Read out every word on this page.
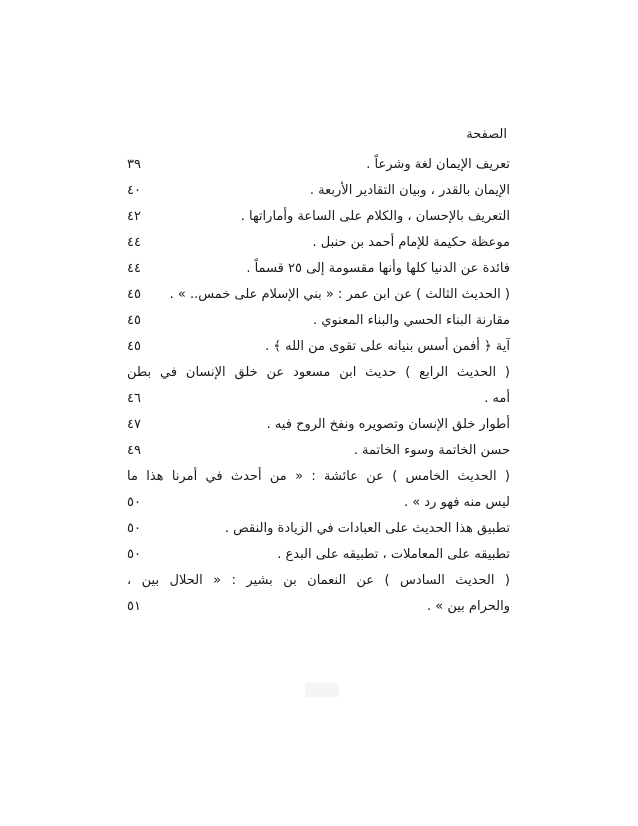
الصفحة
تعريف الإيمان لغة وشرعاً .
٣٩
الإيمان بالقدر ، وبيان التقادير الأربعة .
٤٠
التعريف بالإحسان ، والكلام على الساعة وأماراتها .
٤٢
موعظة حكيمة للإمام أحمد بن حنبل .
٤٤
فائدة عن الدنيا كلها وأنها مقسومة إلى ٢٥ قسماً .
٤٤
( الحديث الثالث ) عن ابن عمر : « بني الإسلام على خمس.. » .
٤٥
مقارنة البناء الحسي والبناء المعنوي .
٤٥
آية ﴿ أفمن أسس بنيانه على تقوى من الله ﴾ .
٤٥
( الحديث الرابع ) حديث ابن مسعود عن خلق الإنسان في بطن
أمه .
٤٦
أطوار خلق الإنسان وتصويره ونفخ الروح فيه .
٤٧
حسن الخاتمة وسوء الخاتمة .
٤٩
( الحديث الخامس ) عن عائشة : « من أحدث في أمرنا هذا ما
ليس منه فهو رد » .
٥٠
تطبيق هذا الحديث على العبادات في الزيادة والنقص .
٥٠
تطبيقه على المعاملات ، تطبيقه على البدع .
٥٠
( الحديث السادس ) عن النعمان بن بشير : « الحلال بين ،
والحرام بين » .
٥١
